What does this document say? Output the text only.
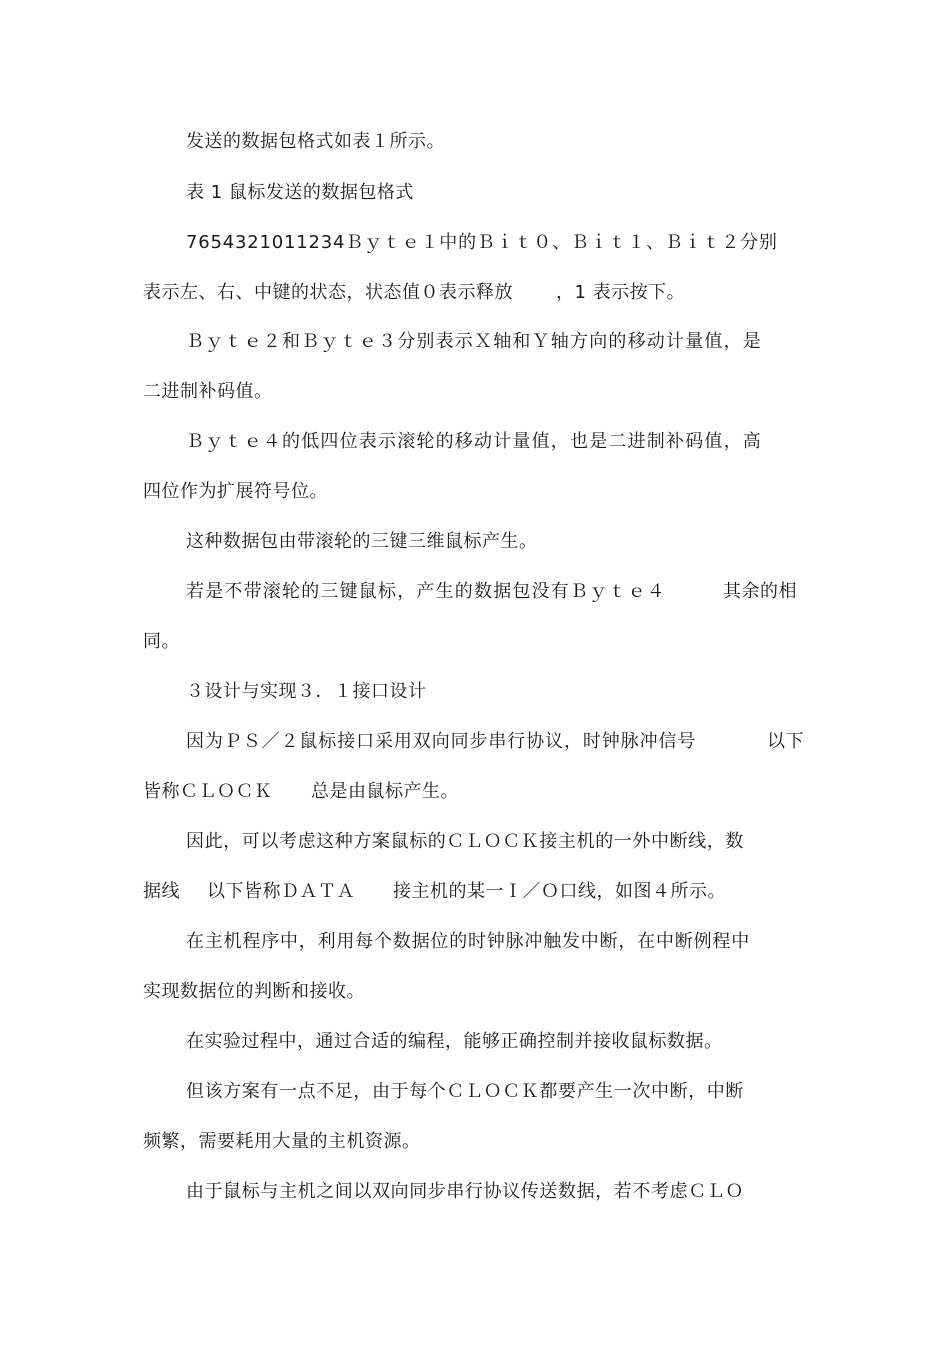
发送的数据包格式如表１所示。

表 1 鼠标发送的数据包格式

7654321011234Ｂｙｔｅ１中的Ｂｉｔ０、Ｂｉｔ１、Ｂｉｔ２分别

表示左、右、中键的状态，状态值０表示释放 ，1 表示按下。

Ｂｙｔｅ２和Ｂｙｔｅ３分别表示Ｘ轴和Ｙ轴方向的移动计量值，是

二进制补码值。

Ｂｙｔｅ４的低四位表示滚轮的移动计量值，也是二进制补码值，高

四位作为扩展符号位。

这种数据包由带滚轮的三键三维鼠标产生。

若是不带滚轮的三键鼠标，产生的数据包没有Ｂｙｔｅ４	其余的相

同。

３设计与实现３．１接口设计

因为ＰＳ／２鼠标接口采用双向同步串行协议，时钟脉冲信号	以下

皆称ＣＬＯＣＫ 总是由鼠标产生。

因此，可以考虑这种方案鼠标的ＣＬＯＣＫ接主机的一外中断线，数

据线 以下皆称ＤＡＴＡ 接主机的某一Ｉ／Ｏ口线，如图４所示。

在主机程序中，利用每个数据位的时钟脉冲触发中断，在中断例程中

实现数据位的判断和接收。

在实验过程中，通过合适的编程，能够正确控制并接收鼠标数据。

但该方案有一点不足，由于每个ＣＬＯＣＫ都要产生一次中断，中断

频繁，需要耗用大量的主机资源。

由于鼠标与主机之间以双向同步串行协议传送数据，若不考虑ＣＬＯ
